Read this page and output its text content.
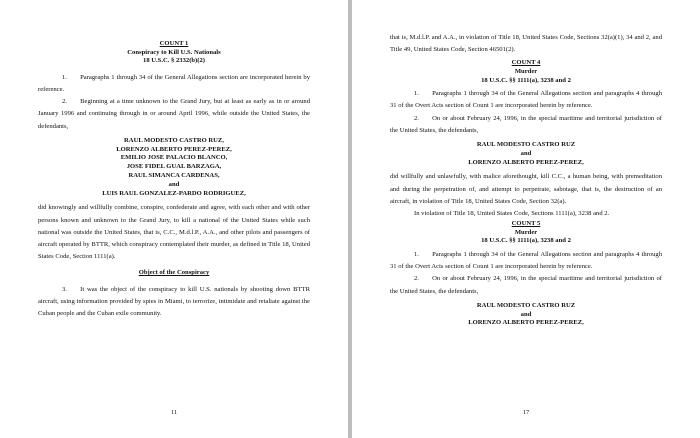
COUNT 1
Conspiracy to Kill U.S. Nationals
18 U.S.C. § 2332(b)(2)

1.  Paragraphs 1 through 34 of the General Allegations section are incorporated herein by reference.

2.  Beginning at a time unknown to the Grand Jury, but at least as early as in or around January 1996 and continuing through in or around April 1996, while outside the United States, the defendants,

RAUL MODESTO CASTRO RUZ,
LORENZO ALBERTO PEREZ-PEREZ,
EMILIO JOSE PALACIO BLANCO,
JOSE FIDEL GUAL BARZAGA,
RAUL SIMANCA CARDENAS,
and
LUIS RAUL GONZALEZ-PARDO RODRIGUEZ,

did knowingly and willfully combine, conspire, confederate and agree, with each other and with other persons known and unknown to the Grand Jury, to kill a national of the United States while such national was outside the United States, that is, C.C., M.d.l.P., A.A., and other pilots and passengers of aircraft operated by BTTR, which conspiracy contemplated their murder, as defined in Title 18, United States Code, Section 1111(a).

Object of the Conspiracy

3.  It was the object of the conspiracy to kill U.S. nationals by shooting down BTTR aircraft, using information provided by spies in Miami, to terrorize, intimidate and retaliate against the Cuban people and the Cuban exile community.

11

that is, M.d.l.P. and A.A., in violation of Title 18, United States Code, Sections 32(a)(1), 34 and 2, and Title 49, United States Code, Section 46501(2).

COUNT 4
Murder
18 U.S.C. §§ 1111(a), 3238 and 2

1.  Paragraphs 1 through 34 of the General Allegations section and paragraphs 4 through 31 of the Overt Acts section of Count 1 are incorporated herein by reference.

2.  On or about February 24, 1996, in the special maritime and territorial jurisdiction of the United States, the defendants,

RAUL MODESTO CASTRO RUZ
and
LORENZO ALBERTO PEREZ-PEREZ,

did willfully and unlawfully, with malice aforethought, kill C.C., a human being, with premeditation and during the perpetration of, and attempt to perpetrate, sabotage, that is, the destruction of an aircraft, in violation of Title 18, United States Code, Section 32(a).

In violation of Title 18, United States Code, Sections 1111(a), 3238 and 2.

COUNT 5
Murder
18 U.S.C. §§ 1111(a), 3238 and 2

1.  Paragraphs 1 through 34 of the General Allegations section and paragraphs 4 through 31 of the Overt Acts section of Count 1 are incorporated herein by reference.

2.  On or about February 24, 1996, in the special maritime and territorial jurisdiction of the United States, the defendants,

RAUL MODESTO CASTRO RUZ
and
LORENZO ALBERTO PEREZ-PEREZ,
17
